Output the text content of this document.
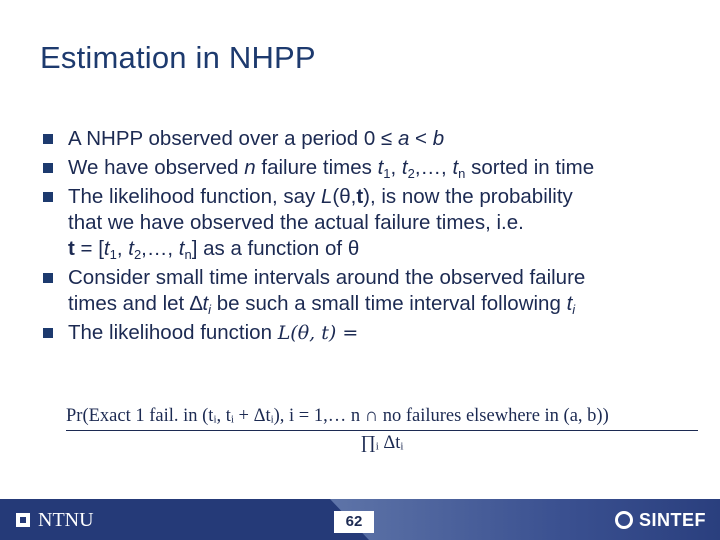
Estimation in NHPP
A NHPP observed over a period 0 ≤ a < b
We have observed n failure times $t_1$, $t_2,\dots$, $t_n$ sorted in time
The likelihood function, say L(θ,t), is now the probability
that we have observed the actual failure times, i.e.
$t = [t_1$, $t_2,\dots$, $t_n$] as a function of θ
Consider small time intervals around the observed failure
times and let $\Delta t_i$ be such a small time interval following $t_i$
The likelihood function L(θ, t) =
Pr(Exact 1 fail. in (tᵢ, tᵢ + Δtᵢ), i = 1,… n ∩ no failures elsewhere in (a, b))
∏ᵢ Δtᵢ
NTNU	62	SINTEF
